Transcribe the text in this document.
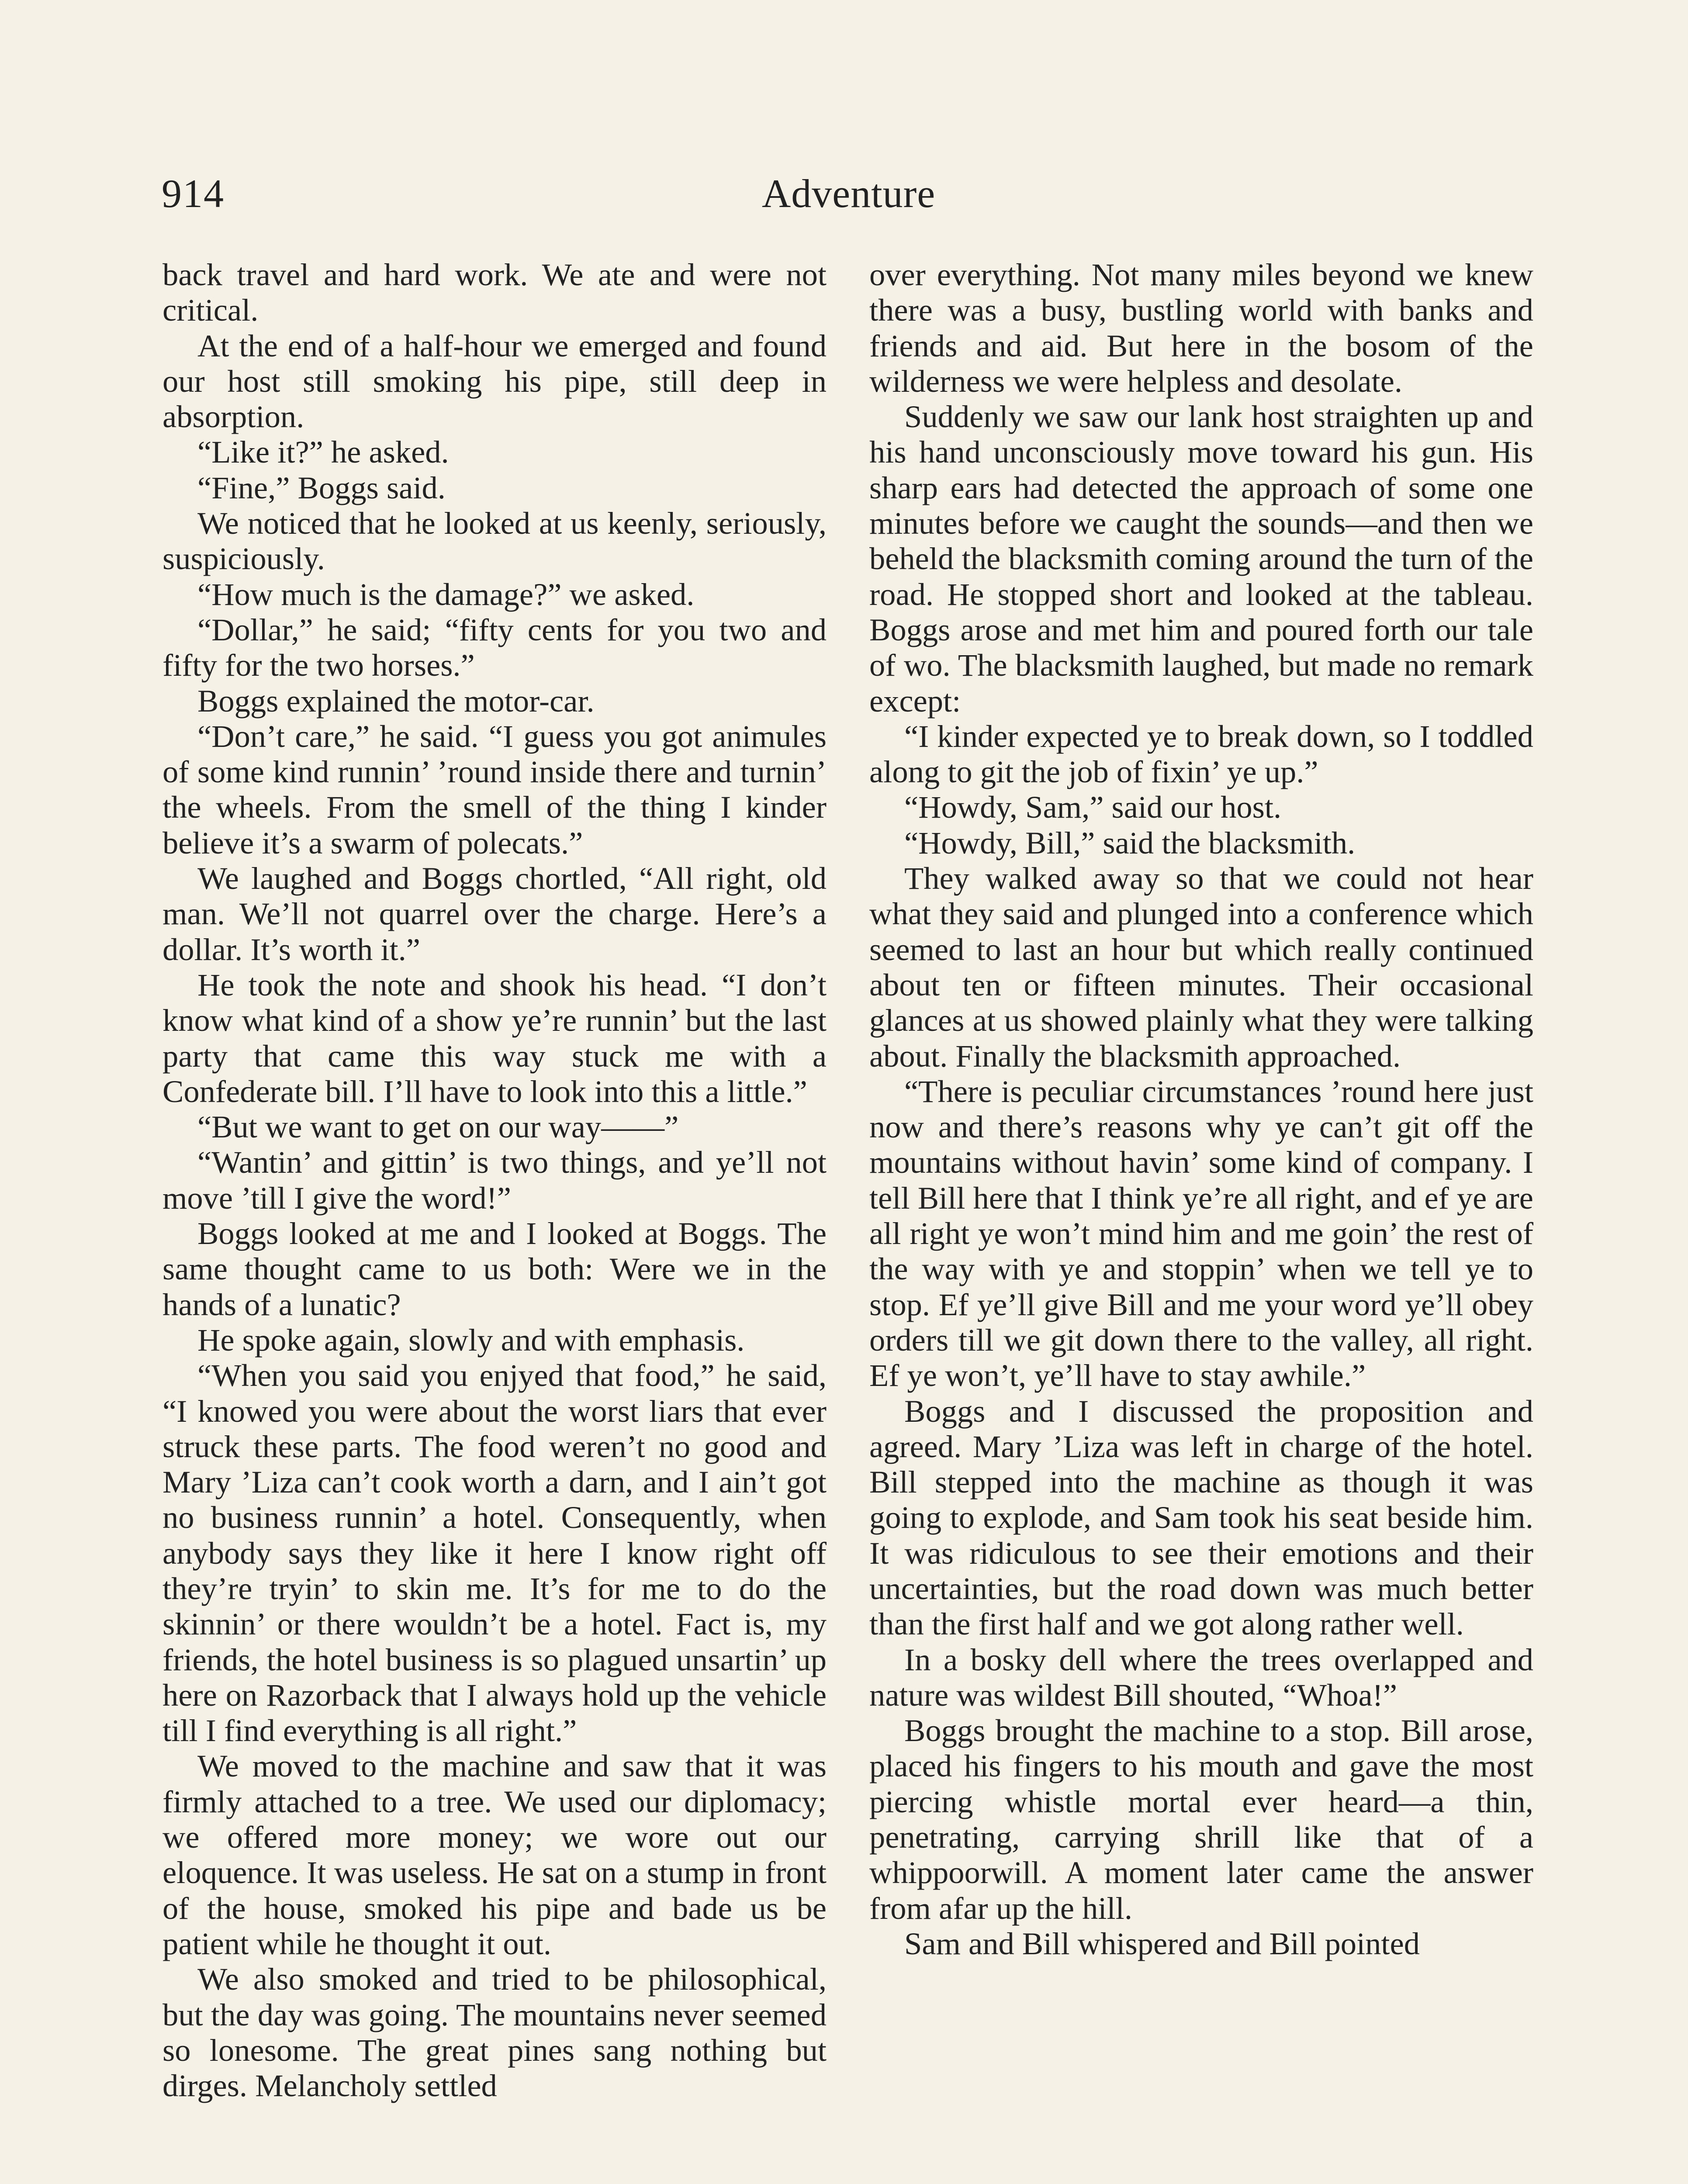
914	Adventure

back travel and hard work. We ate and were not critical.

At the end of a half-hour we emerged and found our host still smoking his pipe, still deep in absorption.

“Like it?” he asked.

“Fine,” Boggs said.

We noticed that he looked at us keenly, seriously, suspiciously.

“How much is the damage?” we asked.

“Dollar,” he said; “fifty cents for you two and fifty for the two horses.”

Boggs explained the motor-car.

“Don’t care,” he said. “I guess you got animules of some kind runnin’ ’round inside there and turnin’ the wheels. From the smell of the thing I kinder believe it’s a swarm of polecats.”

We laughed and Boggs chortled, “All right, old man. We’ll not quarrel over the charge. Here’s a dollar. It’s worth it.”

He took the note and shook his head. “I don’t know what kind of a show ye’re runnin’ but the last party that came this way stuck me with a Confederate bill. I’ll have to look into this a little.”

“But we want to get on our way——”

“Wantin’ and gittin’ is two things, and ye’ll not move ’till I give the word!”

Boggs looked at me and I looked at Boggs. The same thought came to us both: Were we in the hands of a lunatic?

He spoke again, slowly and with emphasis.

“When you said you enjyed that food,” he said, “I knowed you were about the worst liars that ever struck these parts. The food weren’t no good and Mary ’Liza can’t cook worth a darn, and I ain’t got no business runnin’ a hotel. Consequently, when anybody says they like it here I know right off they’re tryin’ to skin me. It’s for me to do the skinnin’ or there wouldn’t be a hotel. Fact is, my friends, the hotel business is so plagued unsartin’ up here on Razorback that I always hold up the vehicle till I find everything is all right.”

We moved to the machine and saw that it was firmly attached to a tree. We used our diplomacy; we offered more money; we wore out our eloquence. It was useless. He sat on a stump in front of the house, smoked his pipe and bade us be patient while he thought it out.

We also smoked and tried to be philosophical, but the day was going. The mountains never seemed so lonesome. The great pines sang nothing but dirges. Melancholy settled

over everything. Not many miles beyond we knew there was a busy, bustling world with banks and friends and aid. But here in the bosom of the wilderness we were helpless and desolate.

Suddenly we saw our lank host straighten up and his hand unconsciously move toward his gun. His sharp ears had detected the approach of some one minutes before we caught the sounds—and then we beheld the blacksmith coming around the turn of the road. He stopped short and looked at the tableau. Boggs arose and met him and poured forth our tale of wo. The blacksmith laughed, but made no remark except:

“I kinder expected ye to break down, so I toddled along to git the job of fixin’ ye up.”

“Howdy, Sam,” said our host.

“Howdy, Bill,” said the blacksmith.

They walked away so that we could not hear what they said and plunged into a conference which seemed to last an hour but which really continued about ten or fifteen minutes. Their occasional glances at us showed plainly what they were talking about. Finally the blacksmith approached.

“There is peculiar circumstances ’round here just now and there’s reasons why ye can’t git off the mountains without havin’ some kind of company. I tell Bill here that I think ye’re all right, and ef ye are all right ye won’t mind him and me goin’ the rest of the way with ye and stoppin’ when we tell ye to stop. Ef ye’ll give Bill and me your word ye’ll obey orders till we git down there to the valley, all right. Ef ye won’t, ye’ll have to stay awhile.”

Boggs and I discussed the proposition and agreed. Mary ’Liza was left in charge of the hotel. Bill stepped into the machine as though it was going to explode, and Sam took his seat beside him. It was ridiculous to see their emotions and their uncertainties, but the road down was much better than the first half and we got along rather well.

In a bosky dell where the trees overlapped and nature was wildest Bill shouted, “Whoa!”

Boggs brought the machine to a stop. Bill arose, placed his fingers to his mouth and gave the most piercing whistle mortal ever heard—a thin, penetrating, carrying shrill like that of a whippoorwill. A moment later came the answer from afar up the hill.

Sam and Bill whispered and Bill pointed
